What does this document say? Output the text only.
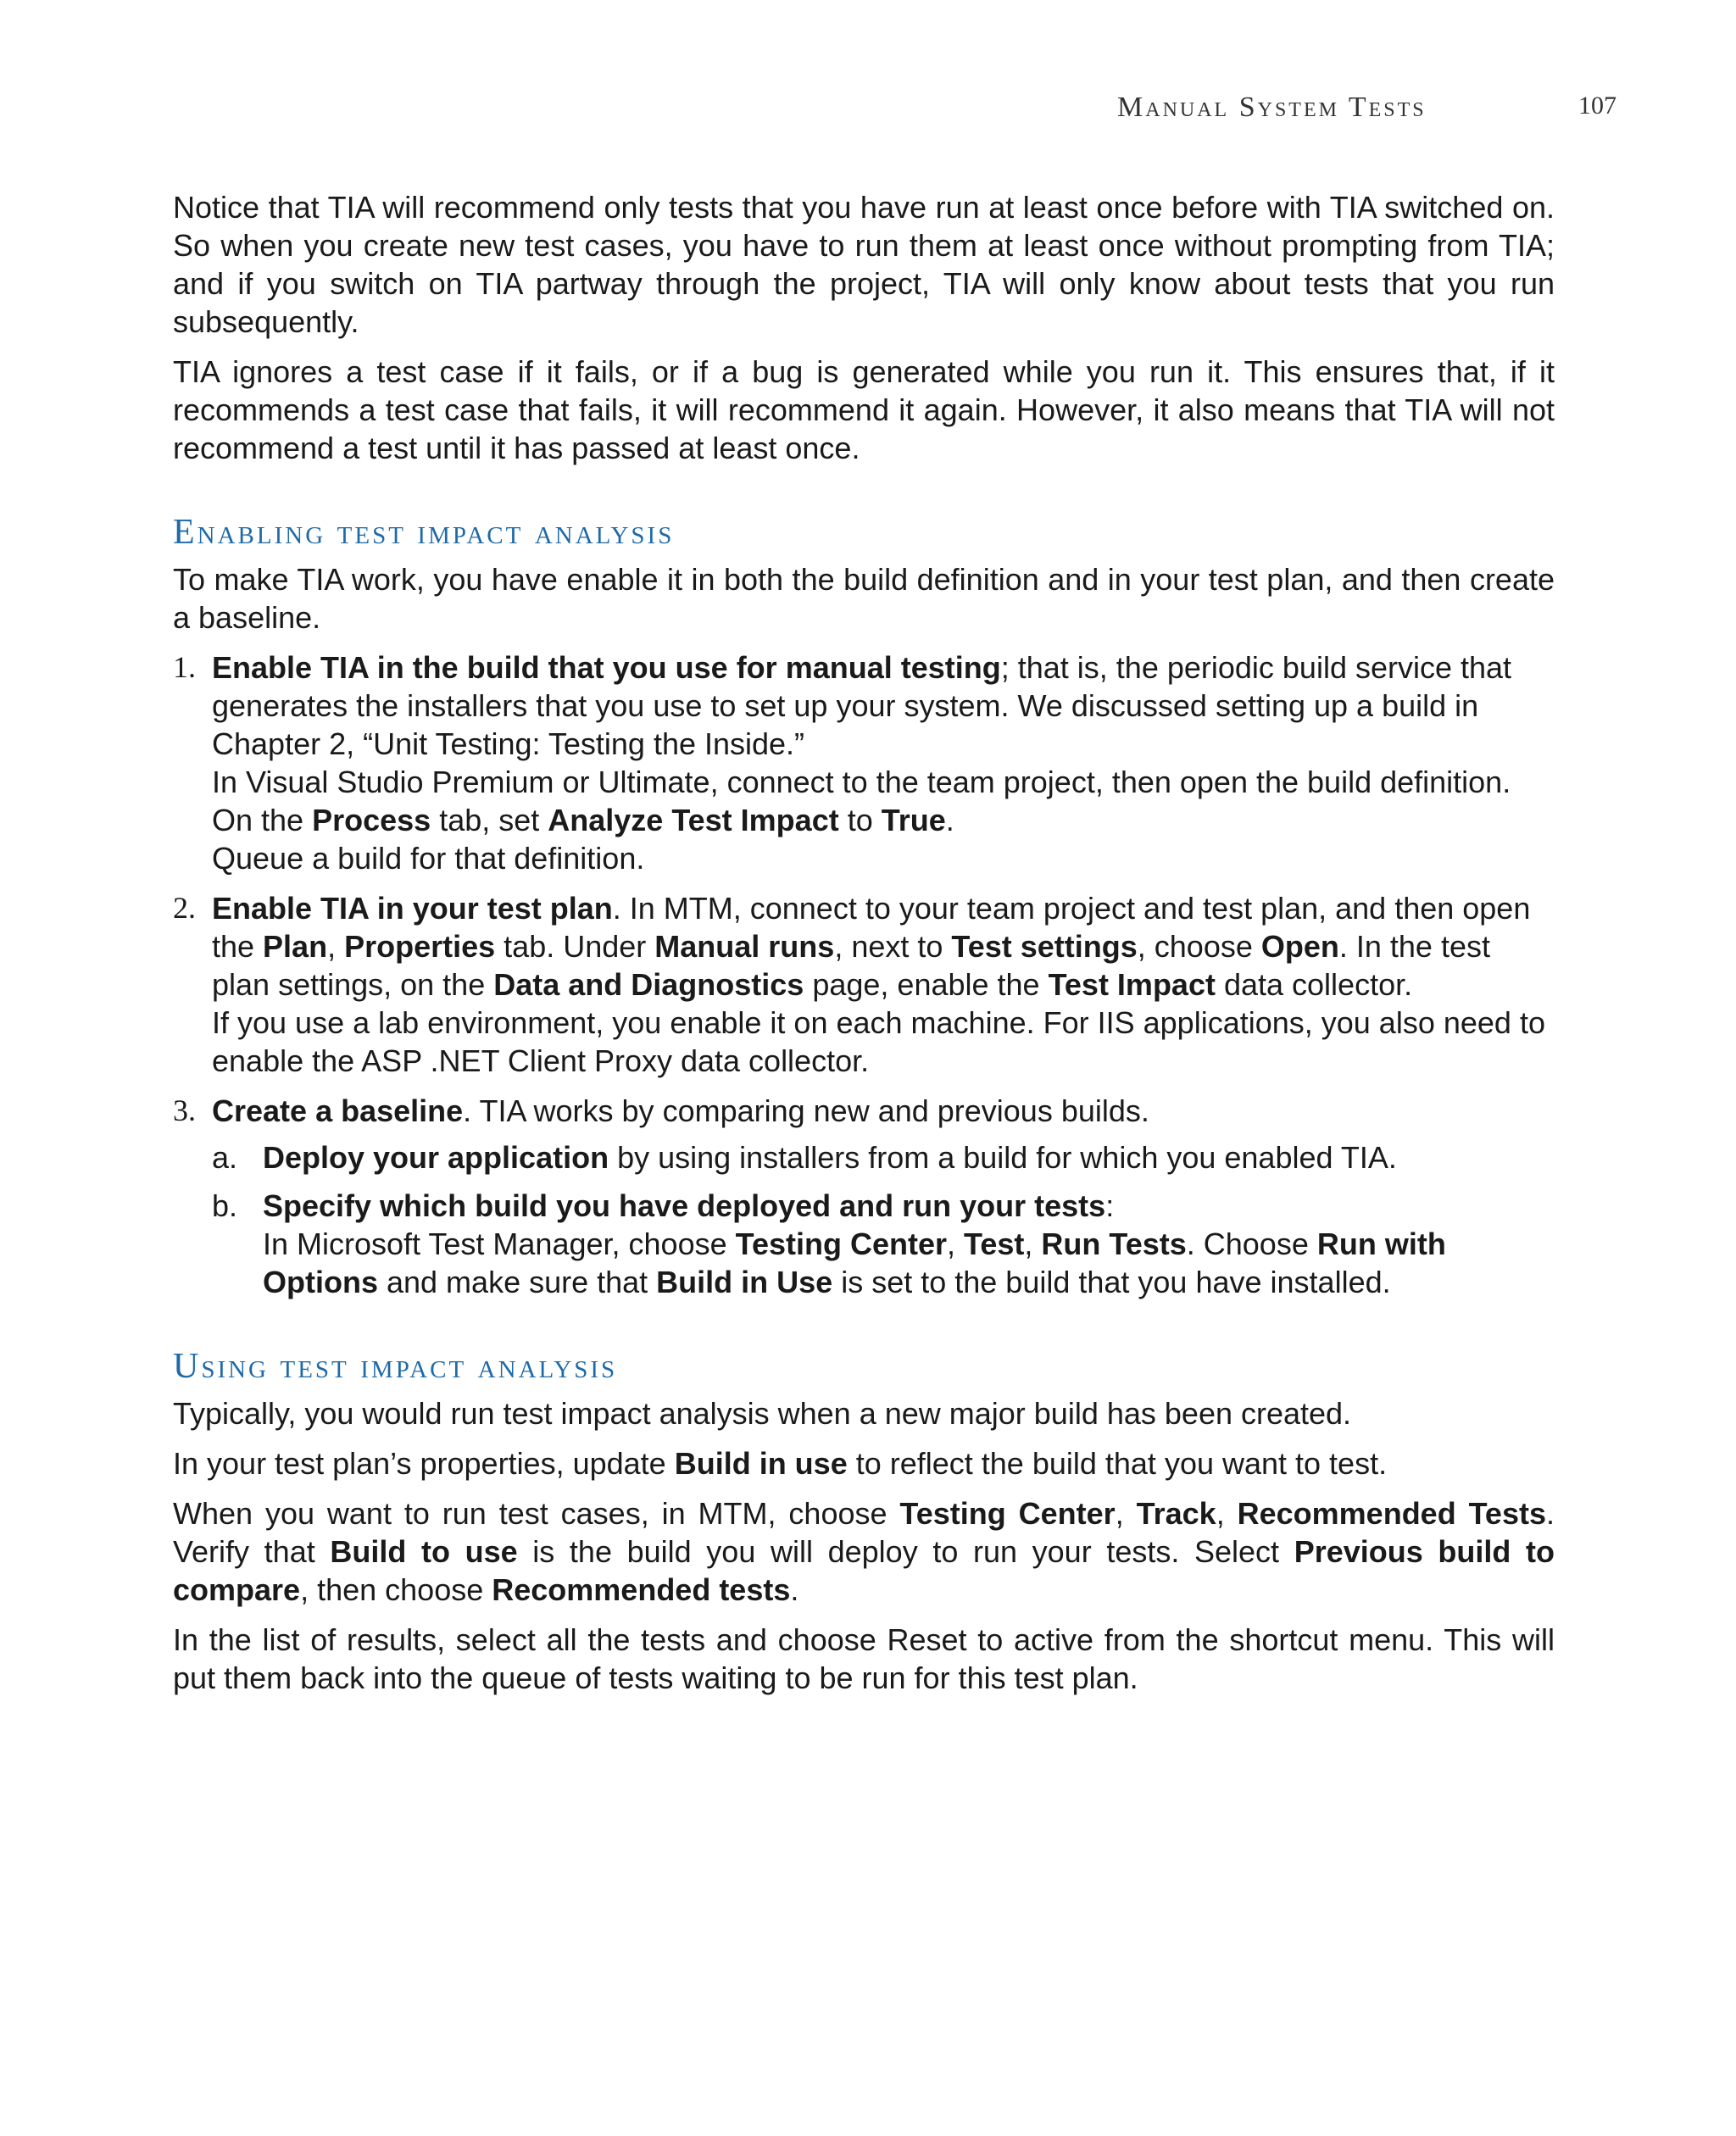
Manual System Tests	107

Notice that TIA will recommend only tests that you have run at least once before with TIA switched on. So when you create new test cases, you have to run them at least once without prompting from TIA; and if you switch on TIA partway through the project, TIA will only know about tests that you run subsequently.

TIA ignores a test case if it fails, or if a bug is generated while you run it. This ensures that, if it recommends a test case that fails, it will recommend it again. However, it also means that TIA will not recommend a test until it has passed at least once.

Enabling test impact analysis

To make TIA work, you have enable it in both the build definition and in your test plan, and then create a baseline.

1. Enable TIA in the build that you use for manual testing; that is, the periodic build service that generates the installers that you use to set up your system. We discussed setting up a build in Chapter 2, “Unit Testing: Testing the Inside.”
In Visual Studio Premium or Ultimate, connect to the team project, then open the build definition. On the Process tab, set Analyze Test Impact to True.
Queue a build for that definition.
2. Enable TIA in your test plan. In MTM, connect to your team project and test plan, and then open the Plan, Properties tab. Under Manual runs, next to Test settings, choose Open. In the test plan settings, on the Data and Diagnostics page, enable the Test Impact data collector.
If you use a lab environment, you enable it on each machine. For IIS applications, you also need to enable the ASP .NET Client Proxy data collector.
3. Create a baseline. TIA works by comparing new and previous builds.
a. Deploy your application by using installers from a build for which you enabled TIA.
b. Specify which build you have deployed and run your tests:
In Microsoft Test Manager, choose Testing Center, Test, Run Tests. Choose Run with Options and make sure that Build in Use is set to the build that you have installed.
Using test impact analysis

Typically, you would run test impact analysis when a new major build has been created.

In your test plan’s properties, update Build in use to reflect the build that you want to test.

When you want to run test cases, in MTM, choose Testing Center, Track, Recommended Tests. Verify that Build to use is the build you will deploy to run your tests. Select Previous build to compare, then choose Recommended tests.

In the list of results, select all the tests and choose Reset to active from the shortcut menu. This will put them back into the queue of tests waiting to be run for this test plan.
